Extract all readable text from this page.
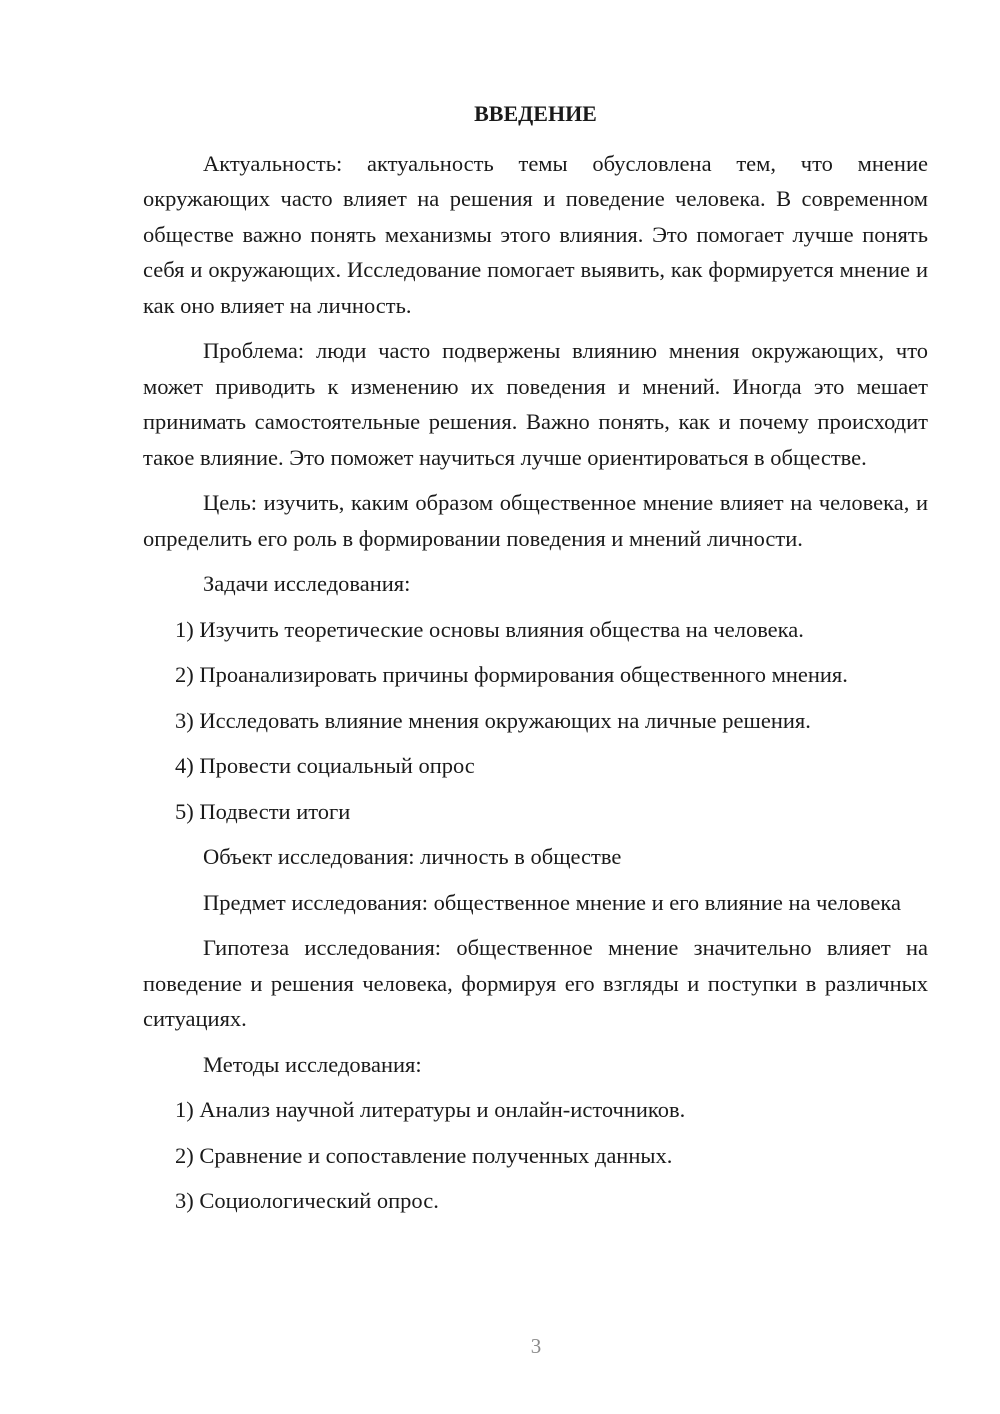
ВВЕДЕНИЕ

Актуальность: актуальность темы обусловлена тем, что мнение окружающих часто влияет на решения и поведение человека. В современном обществе важно понять механизмы этого влияния. Это помогает лучше понять себя и окружающих. Исследование помогает выявить, как формируется мнение и как оно влияет на личность.

Проблема: люди часто подвержены влиянию мнения окружающих, что может приводить к изменению их поведения и мнений. Иногда это мешает принимать самостоятельные решения. Важно понять, как и почему происходит такое влияние. Это поможет научиться лучше ориентироваться в обществе.

Цель: изучить, каким образом общественное мнение влияет на человека, и определить его роль в формировании поведения и мнений личности.

Задачи исследования:

1) Изучить теоретические основы влияния общества на человека.
2) Проанализировать причины формирования общественного мнения.
3) Исследовать влияние мнения окружающих на личные решения.
4) Провести социальный опрос
5) Подвести итоги

Объект исследования: личность в обществе

Предмет исследования: общественное мнение и его влияние на человека

Гипотеза исследования: общественное мнение значительно влияет на поведение и решения человека, формируя его взгляды и поступки в различных ситуациях.

Методы исследования:

1) Анализ научной литературы и онлайн-источников.
2) Сравнение и сопоставление полученных данных.
3) Социологический опрос.
3
